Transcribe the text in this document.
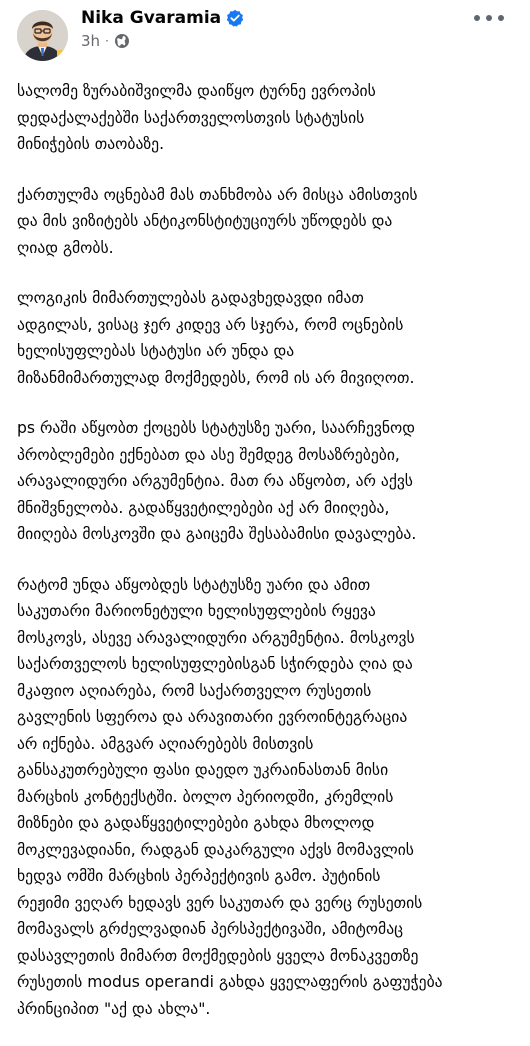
Nika Gvaramia
3h ·

სალომე ზურაბიშვილმა დაიწყო ტურნე ევროპის
დედაქალაქებში საქართველოსთვის სტატუსის
მინიჭების თაობაზე.

ქართულმა ოცნებამ მას თანხმობა არ მისცა ამისთვის
და მის ვიზიტებს ანტიკონსტიტუციურს უწოდებს და
ღიად გმობს.

ლოგიკის მიმართულებას გადავხედავდი იმათ
ადგილას, ვისაც ჯერ კიდევ არ სჯერა, რომ ოცნების
ხელისუფლებას სტატუსი არ უნდა და
მიზანმიმართულად მოქმედებს, რომ ის არ მივიღოთ.

ps რაში აწყობთ ქოცებს სტატუსზე უარი, საარჩევნოდ
პრობლემები ექნებათ და ასე შემდეგ მოსაზრებები,
არავალიდური არგუმენტია. მათ რა აწყობთ, არ აქვს
მნიშვნელობა. გადაწყვეტილებები აქ არ მიიღება,
მიიღება მოსკოვში და გაიცემა შესაბამისი დავალება.

რატომ უნდა აწყობდეს სტატუსზე უარი და ამით
საკუთარი მარიონეტული ხელისუფლების რყევა
მოსკოვს, ასევე არავალიდური არგუმენტია. მოსკოვს
საქართველოს ხელისუფლებისგან სჭირდება ღია და
მკაფიო აღიარება, რომ საქართველო რუსეთის
გავლენის სფეროა და არავითარი ევროინტეგრაცია
არ იქნება. ამგვარ აღიარებებს მისთვის
განსაკუთრებული ფასი დაედო უკრაინასთან მისი
მარცხის კონტექსტში. ბოლო პერიოდში, კრემლის
მიზნები და გადაწყვეტილებები გახდა მხოლოდ
მოკლევადიანი, რადგან დაკარგული აქვს მომავლის
ხედვა ომში მარცხის პერპექტივის გამო. პუტინის
რეჟიმი ვეღარ ხედავს ვერ საკუთარ და ვერც რუსეთის
მომავალს გრძელვადიან პერსპექტივაში, ამიტომაც
დასავლეთის მიმართ მოქმედების ყველა მონაკვეთზე
რუსეთის modus operandi გახდა ყველაფერის გაფუჭება
პრინციპით "აქ და ახლა".
